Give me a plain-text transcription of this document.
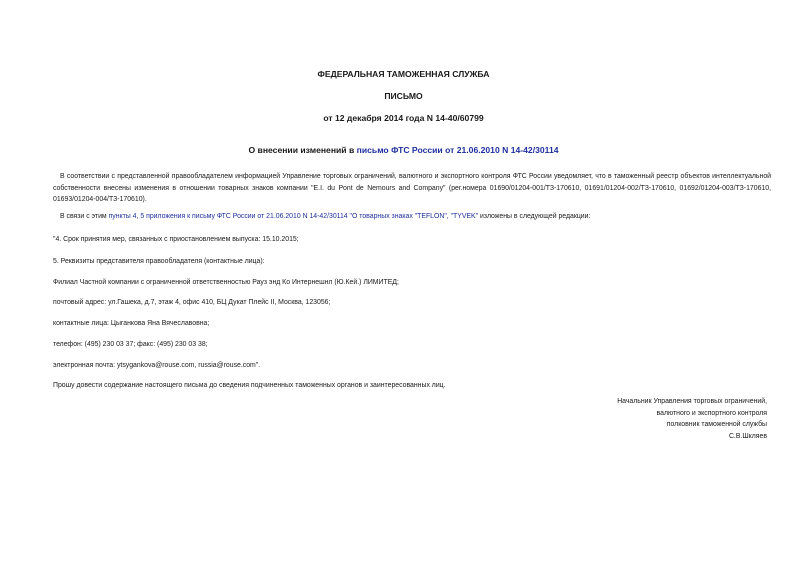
ФЕДЕРАЛЬНАЯ ТАМОЖЕННАЯ СЛУЖБА
ПИСЬМО
от 12 декабря 2014 года N 14-40/60799
О внесении изменений в письмо ФТС России от 21.06.2010 N 14-42/30114

В соответствии с представленной правообладателем информацией Управление торговых ограничений, валютного и экспортного контроля ФТС России уведомляет, что в таможенный реестр объектов интеллектуальной собственности внесены изменения в отношении товарных знаков компании "E.I. du Pont de Nemours and Company" (рег.номера 01690/01204-001/ТЗ-170610, 01691/01204-002/ТЗ-170610, 01692/01204-003/ТЗ-170610, 01693/01204-004/ТЗ-170610).

В связи с этим пункты 4, 5 приложения к письму ФТС России от 21.06.2010 N 14-42/30114 "О товарных знаках "TEFLON", "TYVEK" изложены в следующей редакции:

"4. Срок принятия мер, связанных с приостановлением выпуска: 15.10.2015;

5. Реквизиты представителя правообладателя (контактные лица):

Филиал Частной компании с ограниченной ответственностью Рауз энд Ко Интернешнл (Ю.Кей.) ЛИМИТЕД;

почтовый адрес: ул.Гашека, д.7, этаж 4, офис 410, БЦ Дукат Плейс II, Москва, 123056;

контактные лица: Цыганкова Яна Вячеславовна;

телефон: (495) 230 03 37; факс: (495) 230 03 38;

электронная почта: ytsygankova@rouse.com, russia@rouse.com".

Прошу довести содержание настоящего письма до сведения подчиненных таможенных органов и заинтересованных лиц.

Начальник Управления торговых ограничений,
валютного и экспортного контроля
полковник таможенной службы
С.В.Шкляев
